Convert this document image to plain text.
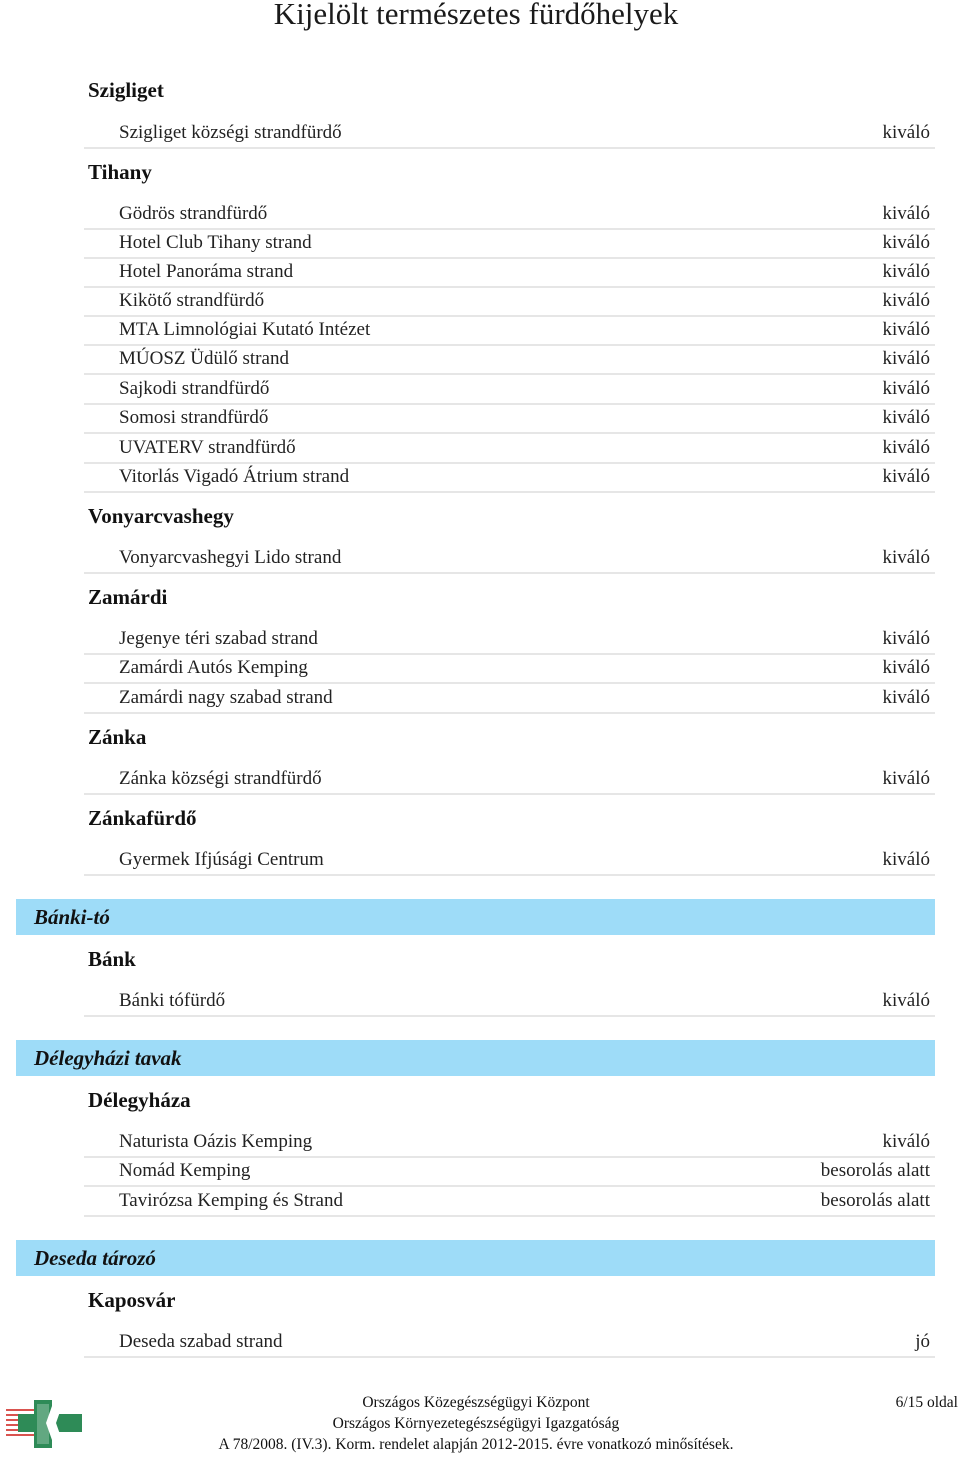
Kijelölt természetes fürdőhelyek
Szigliget
Szigliget községi strandfürdő	kiváló
Tihany
Gödrös strandfürdő	kiváló
Hotel Club Tihany strand	kiváló
Hotel Panoráma strand	kiváló
Kikötő strandfürdő	kiváló
MTA Limnológiai Kutató Intézet	kiváló
MÚOSZ Üdülő strand	kiváló
Sajkodi strandfürdő	kiváló
Somosi strandfürdő	kiváló
UVATERV strandfürdő	kiváló
Vitorlás Vigadó Átrium strand	kiváló
Vonyarcvashegy
Vonyarcvashegyi Lido strand	kiváló
Zamárdi
Jegenye téri szabad strand	kiváló
Zamárdi Autós Kemping	kiváló
Zamárdi nagy szabad strand	kiváló
Zánka
Zánka községi strandfürdő	kiváló
Zánkafürdő
Gyermek Ifjúsági Centrum	kiváló
Bánki-tó
Bánk
Bánki tófürdő	kiváló
Délegyházi tavak
Délegyháza
Naturista Oázis Kemping	kiváló
Nomád Kemping	besorolás alatt
Tavirózsa Kemping és Strand	besorolás alatt
Deseda tározó
Kaposvár
Deseda szabad strand	jó
Országos Közegészségügyi Központ
Országos Környezetegészségügyi Igazgatóság
A 78/2008. (IV.3). Korm. rendelet alapján 2012-2015. évre vonatkozó minősítések.
6/15 oldal
